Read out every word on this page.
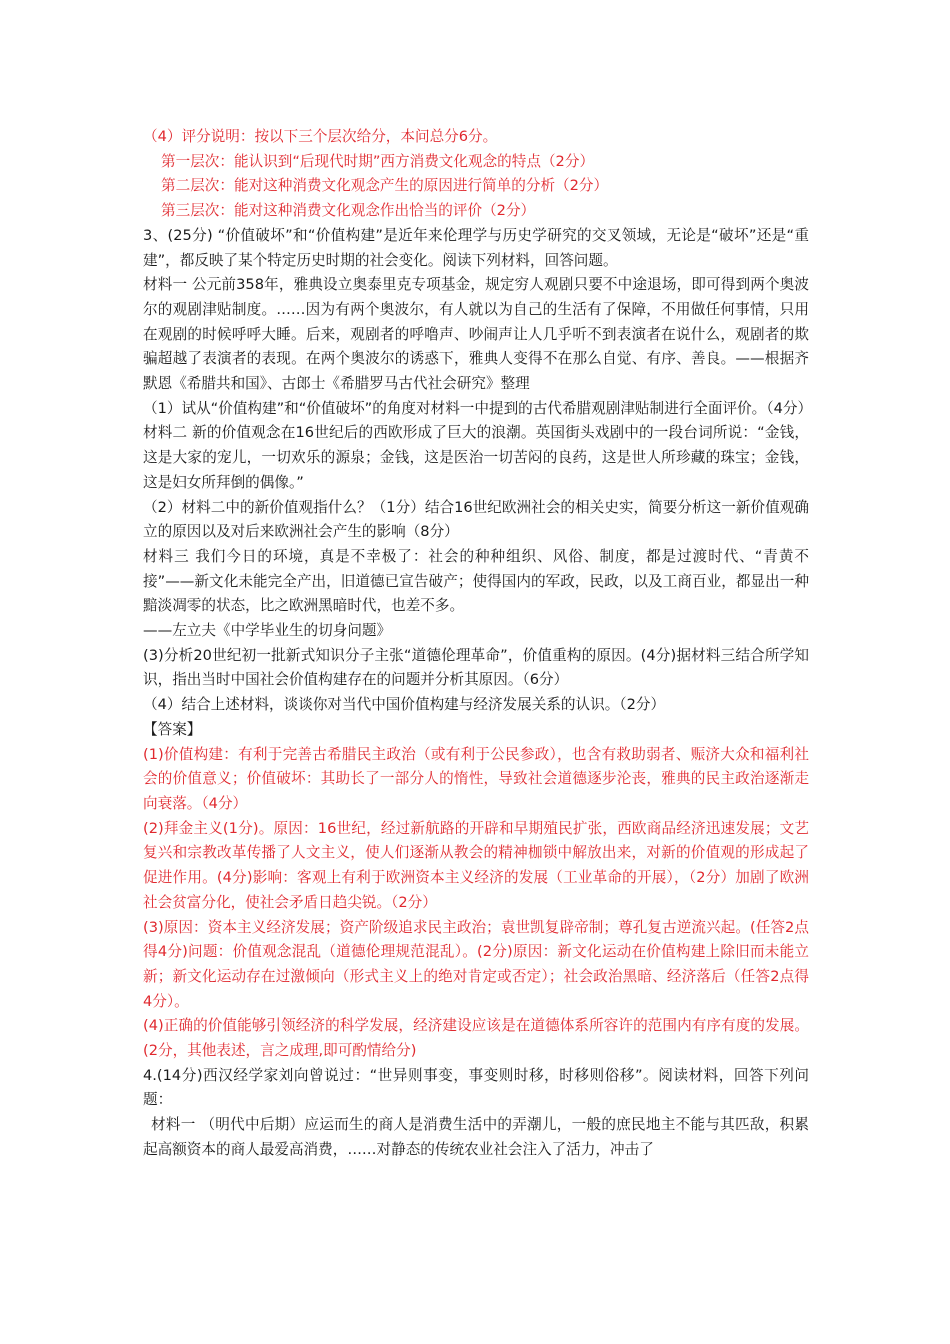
（4）评分说明：按以下三个层次给分，本问总分6分。

第一层次：能认识到“后现代时期”西方消费文化观念的特点（2分）

第二层次：能对这种消费文化观念产生的原因进行简单的分析（2分）

第三层次：能对这种消费文化观念作出恰当的评价（2分）

3、(25分) “价值破坏”和“价值构建”是近年来伦理学与历史学研究的交叉领域，无论是“破坏”还是“重建”，都反映了某个特定历史时期的社会变化。阅读下列材料，回答问题。

材料一 公元前358年，雅典设立奥泰里克专项基金，规定穷人观剧只要不中途退场，即可得到两个奥波尔的观剧津贴制度。……因为有两个奥波尔，有人就以为自己的生活有了保障，不用做任何事情，只用在观剧的时候呼呼大睡。后来，观剧者的呼噜声、吵闹声让人几乎听不到表演者在说什么，观剧者的欺骗超越了表演者的表现。在两个奥波尔的诱惑下，雅典人变得不在那么自觉、有序、善良。——根据齐默恩《希腊共和国》、古郎士《希腊罗马古代社会研究》整理

（1）试从“价值构建”和“价值破坏”的角度对材料一中提到的古代希腊观剧津贴制进行全面评价。（4分）

材料二 新的价值观念在16世纪后的西欧形成了巨大的浪潮。英国街头戏剧中的一段台词所说：“金钱，这是大家的宠儿，一切欢乐的源泉；金钱，这是医治一切苦闷的良药，这是世人所珍藏的珠宝；金钱，这是妇女所拜倒的偶像。”

（2）材料二中的新价值观指什么？（1分）结合16世纪欧洲社会的相关史实，简要分析这一新价值观确立的原因以及对后来欧洲社会产生的影响（8分）

材料三 我们今日的环境，真是不幸极了：社会的种种组织、风俗、制度，都是过渡时代、“青黄不接”——新文化未能完全产出，旧道德已宣告破产；使得国内的军政，民政，以及工商百业，都显出一种黯淡凋零的状态，比之欧洲黑暗时代，也差不多。

——左立夫《中学毕业生的切身问题》

(3)分析20世纪初一批新式知识分子主张“道德伦理革命”，价值重构的原因。(4分)据材料三结合所学知识，指出当时中国社会价值构建存在的问题并分析其原因。（6分）

（4）结合上述材料，谈谈你对当代中国价值构建与经济发展关系的认识。（2分）

【答案】

(1)价值构建：有利于完善古希腊民主政治（或有利于公民参政），也含有救助弱者、赈济大众和福利社会的价值意义；价值破坏：其助长了一部分人的惰性，导致社会道德逐步沦丧，雅典的民主政治逐渐走向衰落。（4分）

(2)拜金主义(1分)。原因：16世纪，经过新航路的开辟和早期殖民扩张，西欧商品经济迅速发展；文艺复兴和宗教改革传播了人文主义，使人们逐渐从教会的精神枷锁中解放出来，对新的价值观的形成起了促进作用。(4分)影响：客观上有利于欧洲资本主义经济的发展（工业革命的开展），（2分）加剧了欧洲社会贫富分化，使社会矛盾日趋尖锐。（2分）

(3)原因：资本主义经济发展；资产阶级追求民主政治；袁世凯复辟帝制；尊孔复古逆流兴起。(任答2点得4分)问题：价值观念混乱（道德伦理规范混乱）。(2分)原因：新文化运动在价值构建上除旧而未能立新；新文化运动存在过激倾向（形式主义上的绝对肯定或否定）；社会政治黑暗、经济落后（任答2点得4分）。

(4)正确的价值能够引领经济的科学发展，经济建设应该是在道德体系所容许的范围内有序有度的发展。(2分，其他表述，言之成理,即可酌情给分)

4.(14分)西汉经学家刘向曾说过：“世异则事变，事变则时移，时移则俗移”。阅读材料，回答下列问题：

材料一 （明代中后期）应运而生的商人是消费生活中的弄潮儿，一般的庶民地主不能与其匹敌，积累起高额资本的商人最爱高消费，……对静态的传统农业社会注入了活力，冲击了
